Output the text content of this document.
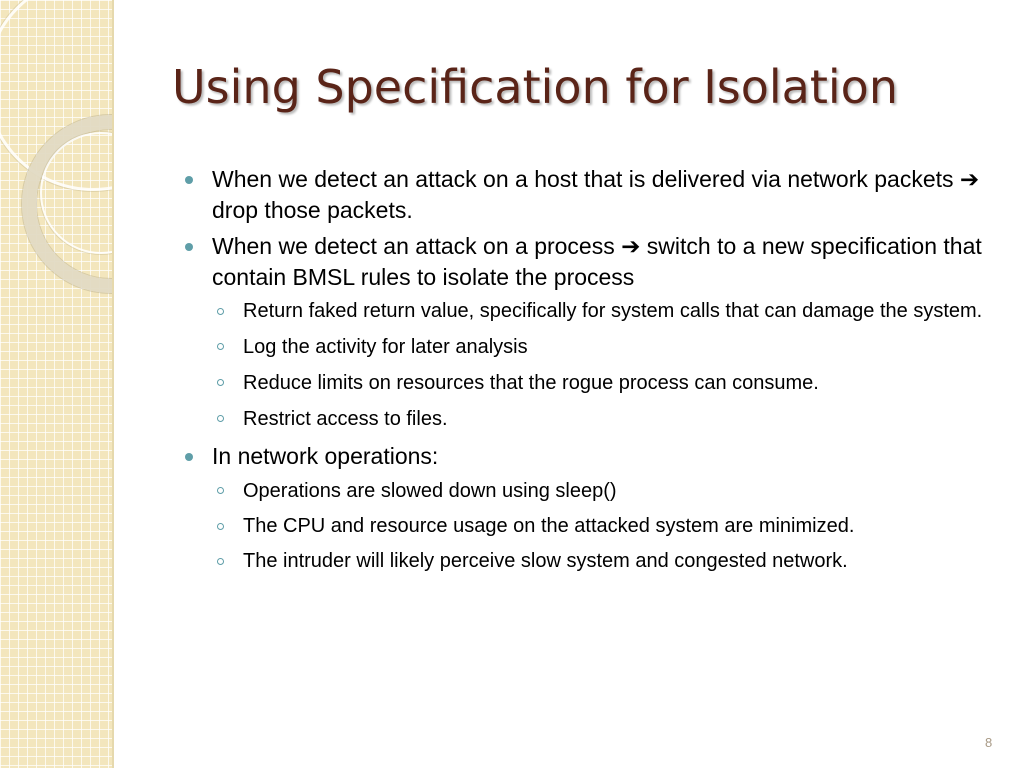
Using Specification for Isolation
When we detect an attack on a host that is delivered via network packets ➔ drop those packets.
When we detect an attack on a process ➔ switch to a new specification that contain BMSL rules to isolate the process
Return faked return value, specifically for system calls that can damage the system.
Log the activity for later analysis
Reduce limits on resources that the rogue process can consume.
Restrict access to files.
In network operations:
Operations are slowed down using sleep()
The CPU and resource usage on the attacked system are minimized.
The intruder will likely perceive slow system and congested network.
8
